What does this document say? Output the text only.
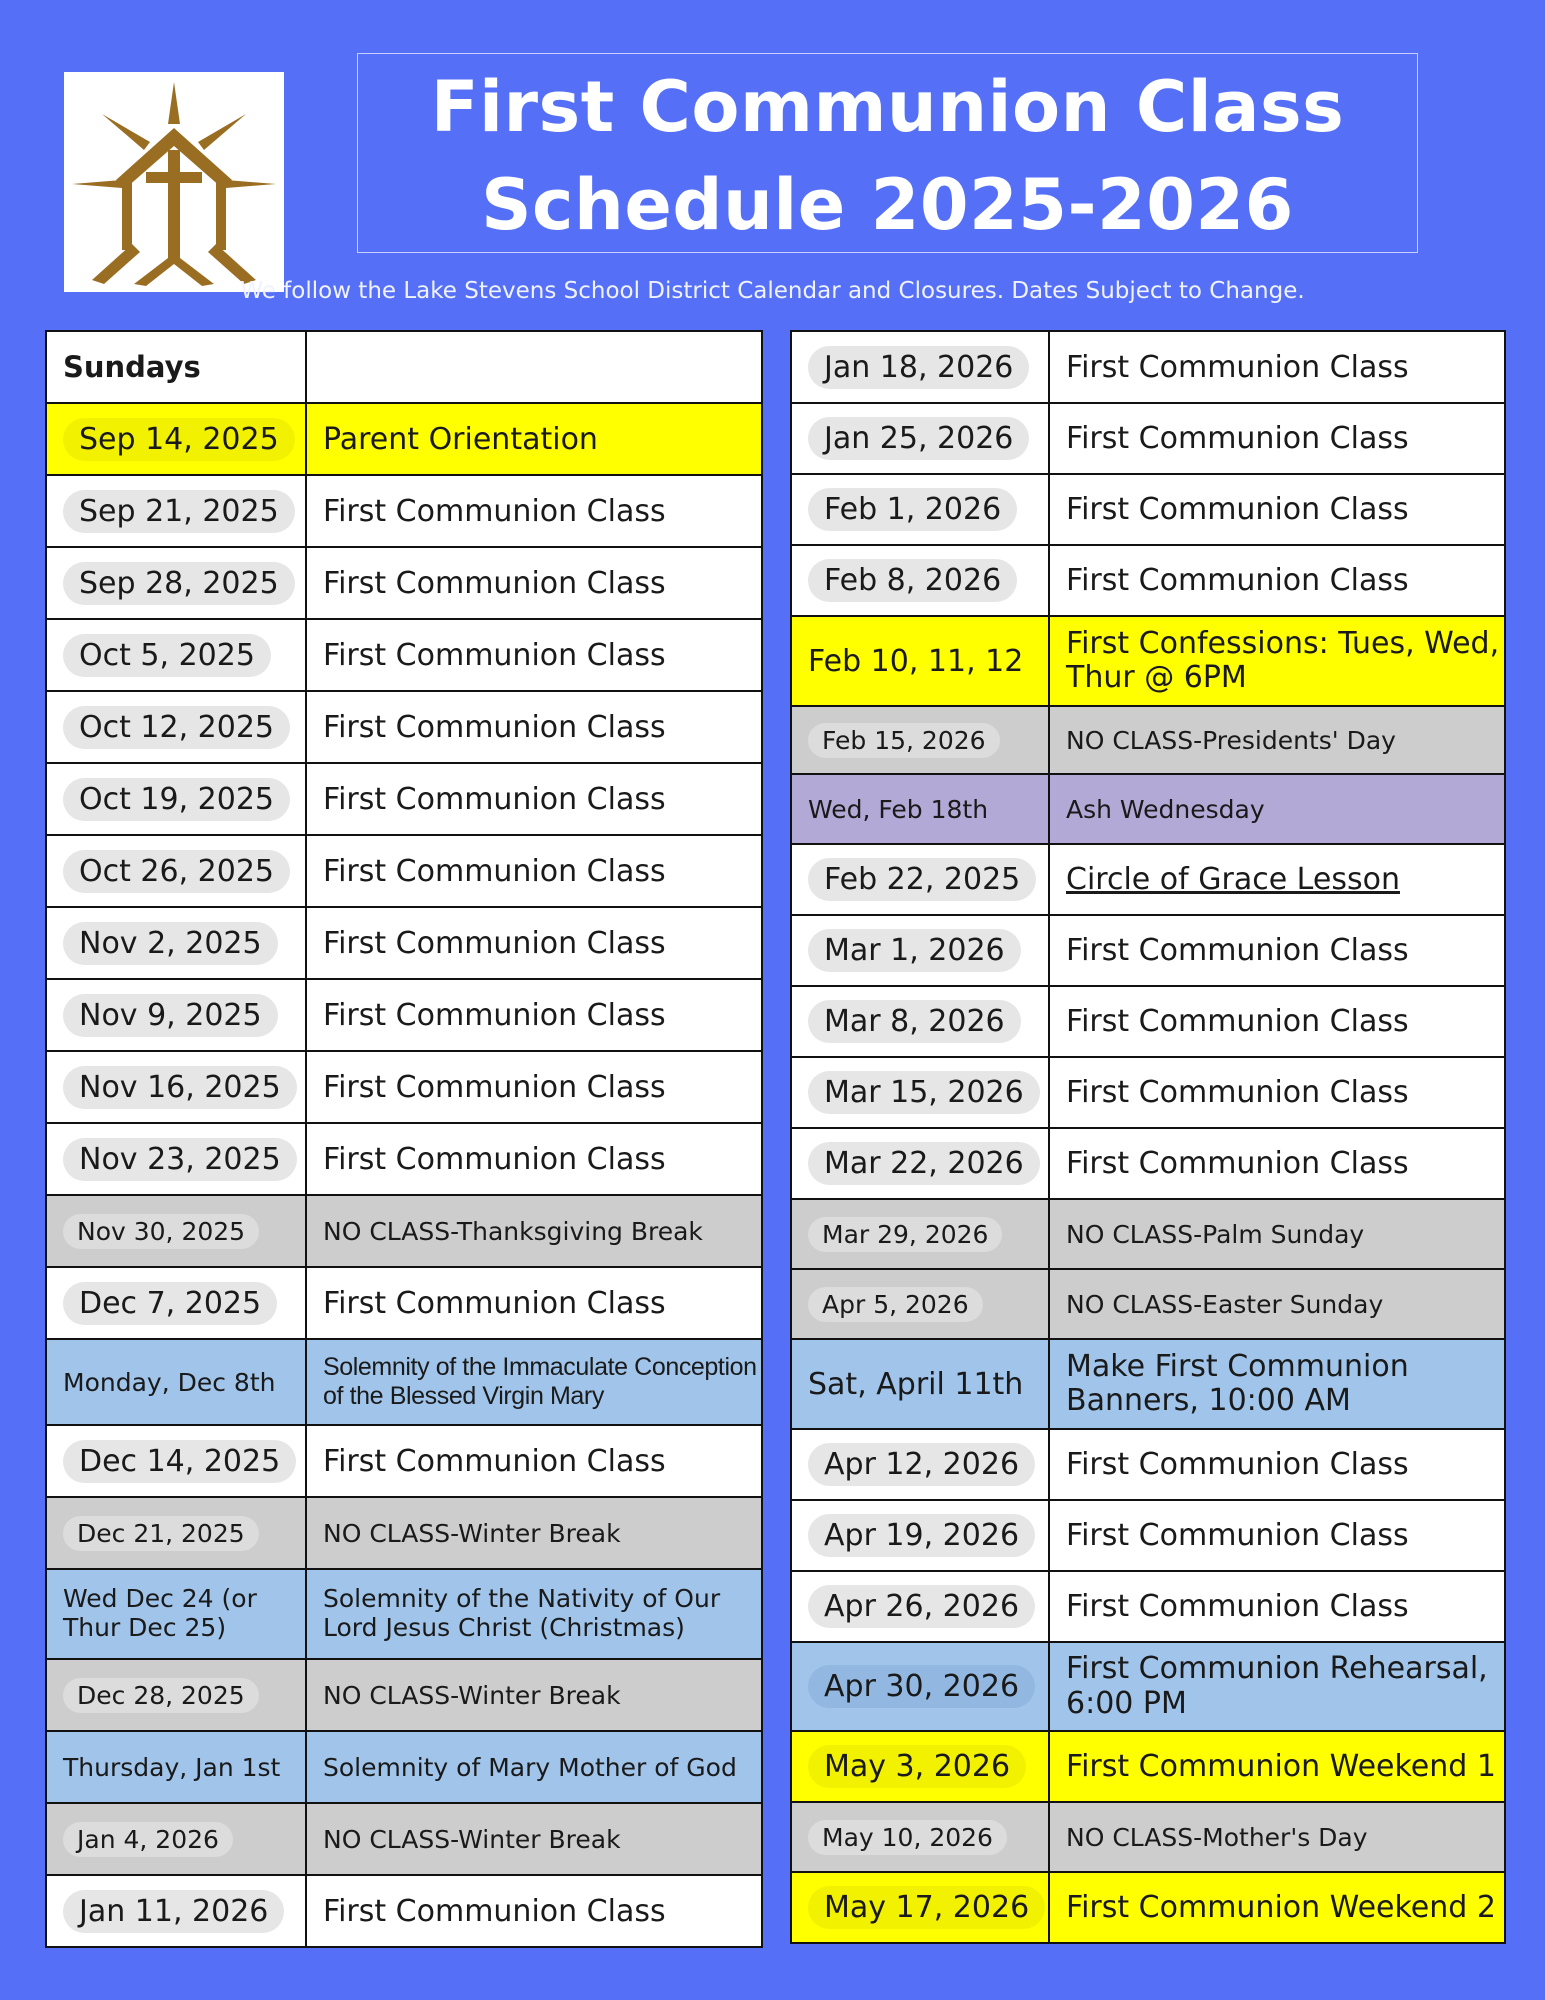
First Communion Class
Schedule 2025-2026
We follow the Lake Stevens School District Calendar and Closures. Dates Subject to Change.
Sundays	
Sep 14, 2025	Parent Orientation
Sep 21, 2025	First Communion Class
Sep 28, 2025	First Communion Class
Oct 5, 2025	First Communion Class
Oct 12, 2025	First Communion Class
Oct 19, 2025	First Communion Class
Oct 26, 2025	First Communion Class
Nov 2, 2025	First Communion Class
Nov 9, 2025	First Communion Class
Nov 16, 2025	First Communion Class
Nov 23, 2025	First Communion Class
Nov 30, 2025	NO CLASS-Thanksgiving Break
Dec 7, 2025	First Communion Class
Monday, Dec 8th	Solemnity of the Immaculate Conception of the Blessed Virgin Mary
Dec 14, 2025	First Communion Class
Dec 21, 2025	NO CLASS-Winter Break
Wed Dec 24 (or Thur Dec 25)	Solemnity of the Nativity of Our Lord Jesus Christ (Christmas)
Dec 28, 2025	NO CLASS-Winter Break
Thursday, Jan 1st	Solemnity of Mary Mother of God
Jan 4, 2026	NO CLASS-Winter Break
Jan 11, 2026	First Communion Class
Jan 18, 2026	First Communion Class
Jan 25, 2026	First Communion Class
Feb 1, 2026	First Communion Class
Feb 8, 2026	First Communion Class
Feb 10, 11, 12	First Confessions: Tues, Wed, Thur @ 6PM
Feb 15, 2026	NO CLASS-Presidents' Day
Wed, Feb 18th	Ash Wednesday
Feb 22, 2025	Circle of Grace Lesson
Mar 1, 2026	First Communion Class
Mar 8, 2026	First Communion Class
Mar 15, 2026	First Communion Class
Mar 22, 2026	First Communion Class
Mar 29, 2026	NO CLASS-Palm Sunday
Apr 5, 2026	NO CLASS-Easter Sunday
Sat, April 11th	Make First Communion Banners, 10:00 AM
Apr 12, 2026	First Communion Class
Apr 19, 2026	First Communion Class
Apr 26, 2026	First Communion Class
Apr 30, 2026	First Communion Rehearsal, 6:00 PM
May 3, 2026	First Communion Weekend 1
May 10, 2026	NO CLASS-Mother's Day
May 17, 2026	First Communion Weekend 2
